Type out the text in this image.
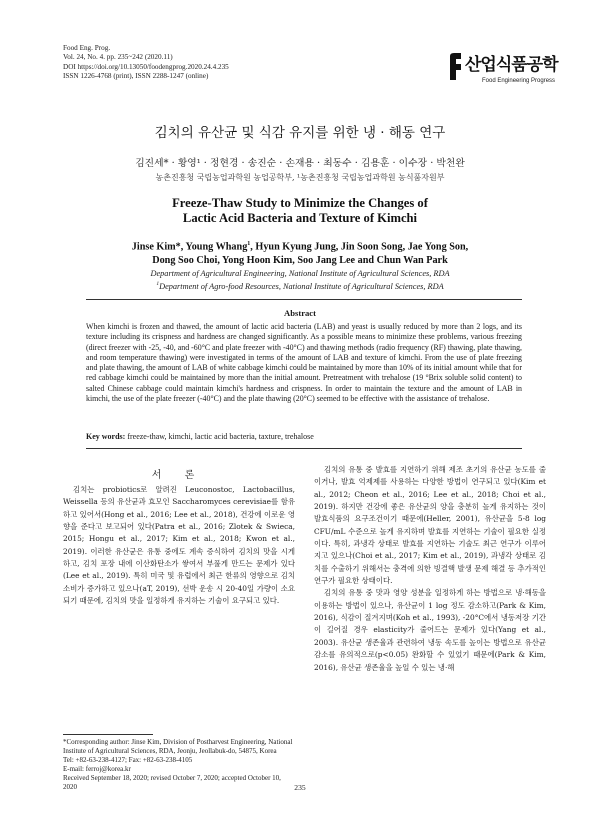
Food Eng. Prog.
Vol. 24, No. 4. pp. 235~242 (2020.11)
DOI https://doi.org/10.13050/foodengprog.2020.24.4.235
ISSN 1226-4768 (print), ISSN 2288-1247 (online)
산업식품공학
Food Engineering Progress
김치의 유산균 및 식감 유지를 위한 냉 · 해동 연구
김진세* · 황영¹ · 정현경 · 송진순 · 손재용 · 최동수 · 김용훈 · 이수장 · 박천완
농촌진흥청 국립농업과학원 농업공학부, ¹농촌진흥청 국립농업과학원 농식품자원부
Freeze-Thaw Study to Minimize the Changes of
Lactic Acid Bacteria and Texture of Kimchi
Jinse Kim*, Young Whang$^1$, Hyun Kyung Jung, Jin Soon Song, Jae Yong Son,
Dong Soo Choi, Yong Hoon Kim, Soo Jang Lee and Chun Wan Park
Department of Agricultural Engineering, National Institute of Agricultural Sciences, RDA
$^1$Department of Agro-food Resources, National Institute of Agricultural Sciences, RDA
Abstract
When kimchi is frozen and thawed, the amount of lactic acid bacteria (LAB) and yeast is usually reduced by more than 2 logs, and its texture including its crispness and hardness are changed significantly. As a possible means to minimize these problems, various freezing (direct freezer with -25, -40, and -60°C and plate freezer with -40°C) and thawing methods (radio frequency (RF) thawing, plate thawing, and room temperature thawing) were investigated in terms of the amount of LAB and texture of kimchi. From the use of plate freezing and plate thawing, the amount of LAB of white cabbage kimchi could be maintained by more than 10% of its initial amount while that for red cabbage kimchi could be maintained by more than the initial amount. Pretreatment with trehalose (19 °Brix soluble solid content) to salted Chinese cabbage could maintain kimchi's hardness and crispness. In order to maintain the texture and the amount of LAB in kimchi, the use of the plate freezer (-40°C) and the plate thawing (20°C) seemed to be effective with the assistance of trehalose.
Key words: freeze-thaw, kimchi, lactic acid bacteria, taxture, trehalose
서 론

김치는 probiotics로 알려진 Leuconostoc, Lactobacillus, Weissella 등의 유산균과 효모인 Saccharomyces cerevisiae를 함유하고 있어서(Hong et al., 2016; Lee et al., 2018), 건강에 이로운 영향을 준다고 보고되어 있다(Patra et al., 2016; Zlotek & Swieca, 2015; Hongu et al., 2017; Kim et al., 2018; Kwon et al., 2019). 이러한 유산균은 유통 중에도 계속 증식하여 김치의 맛을 시게 하고, 김치 포장 내에 이산화탄소가 쌓여서 부풀게 만드는 문제가 있다(Lee et al., 2019). 특히 미국 및 유럽에서 최근 한류의 영향으로 김치 소비가 증가하고 있으나(aT, 2019), 선박 운송 시 20-40일 가량이 소요되기 때문에, 김치의 맛을 일정하게 유지하는 기술이 요구되고 있다.

김치의 유통 중 발효를 지연하기 위해 제조 초기의 유산균 농도를 줄이거나, 발효 억제제를 사용하는 다양한 방법이 연구되고 있다(Kim et al., 2012; Cheon et al., 2016; Lee et al., 2018; Choi et al., 2019). 하지만 건강에 좋은 유산균의 양을 충분히 높게 유지하는 것이 발효식품의 요구조건이기 때문에(Heller, 2001), 유산균을 5-8 log CFU/mL 수준으로 높게 유지하며 발효를 지연하는 기술이 필요한 실정이다. 특히, 과냉각 상태로 발효를 지연하는 기술도 최근 연구가 이루어지고 있으나(Choi et al., 2017; Kim et al., 2019), 과냉각 상태로 김치를 수출하기 위해서는 충격에 의한 빙결핵 발생 문제 해결 등 추가적인 연구가 필요한 상태이다.

김치의 유통 중 맛과 영양 성분을 일정하게 하는 방법으로 냉·해동을 이용하는 방법이 있으나, 유산균이 1 log 정도 감소하고(Park & Kim, 2016), 식감이 질겨지며(Koh et al., 1993), -20°C에서 냉동저장 기간이 길어질 경우 elasticity가 줄어드는 문제가 있다(Yang et al., 2003). 유산균 생존율과 관련하여 냉동 속도를 높이는 방법으로 유산균 감소를 유의적으로(p<0.05) 완화할 수 있었기 때문에(Park & Kim, 2016), 유산균 생존율을 높일 수 있는 냉·해

*Corresponding author: Jinse Kim, Division of Postharvest Engineering, National Institute of Agricultural Sciences, RDA, Jeonju, Jeollabuk-do, 54875, Korea
Tel: +82-63-238-4127; Fax: +82-63-238-4105
E-mail: ferroj@korea.kr
Received September 18, 2020; revised October 7, 2020; accepted October 10, 2020	235
